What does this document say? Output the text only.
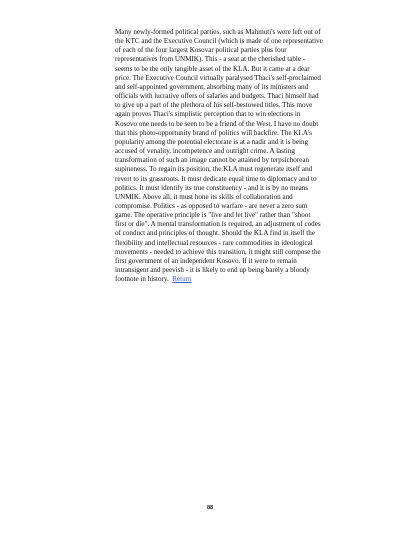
Many newly-formed political parties, such as Mahmuti's were left out of the KTC and the Executive Council (which is made of one representative of each of the four largest Kosovar political parties plus four representatives from UNMIK). This - a seat at the cherished table - seems to be the only tangible asset of the KLA. But it came at a dear price. The Executive Council virtually paralysed Thaci's self-proclaimed and self-appointed government, absorbing many of its ministers and officials with lucrative offers of salaries and budgets. Thaci himself had to give up a part of the plethora of his self-bestowed titles. This move again proves Thaci's simplistic perception that to win elections in Kosovo one needs to be seen to be a friend of the West. I have no doubt that this photo-opportunity brand of politics will backfire. The KLA's popularity among the potential electorate is at a nadir and it is being accused of venality, incompetence and outright crime. A lasting transformation of such an image cannot be attained by terpsichorean supineness. To regain its position, the KLA must regenerate itself and revert to its grassroots. It must dedicate equal time to diplomacy and to politics. It must identify its true constituency - and it is by no means UNMIK. Above all, it must hone its skills of collaboration and compromise. Politics - as opposed to warfare - are never a zero sum game. The operative principle is "live and let live" rather than "shoot first or die". A mental transformation is required, an adjustment of codes of conduct and principles of thought. Should the KLA find in itself the flexibility and intellectual resources - rare commodities in ideological movements - needed to achieve this transition, it might still compose the first government of an independent Kosovo. If it were to remain intransigent and peevish - it is likely to end up being barely a bloody footnote in history. Return

88
